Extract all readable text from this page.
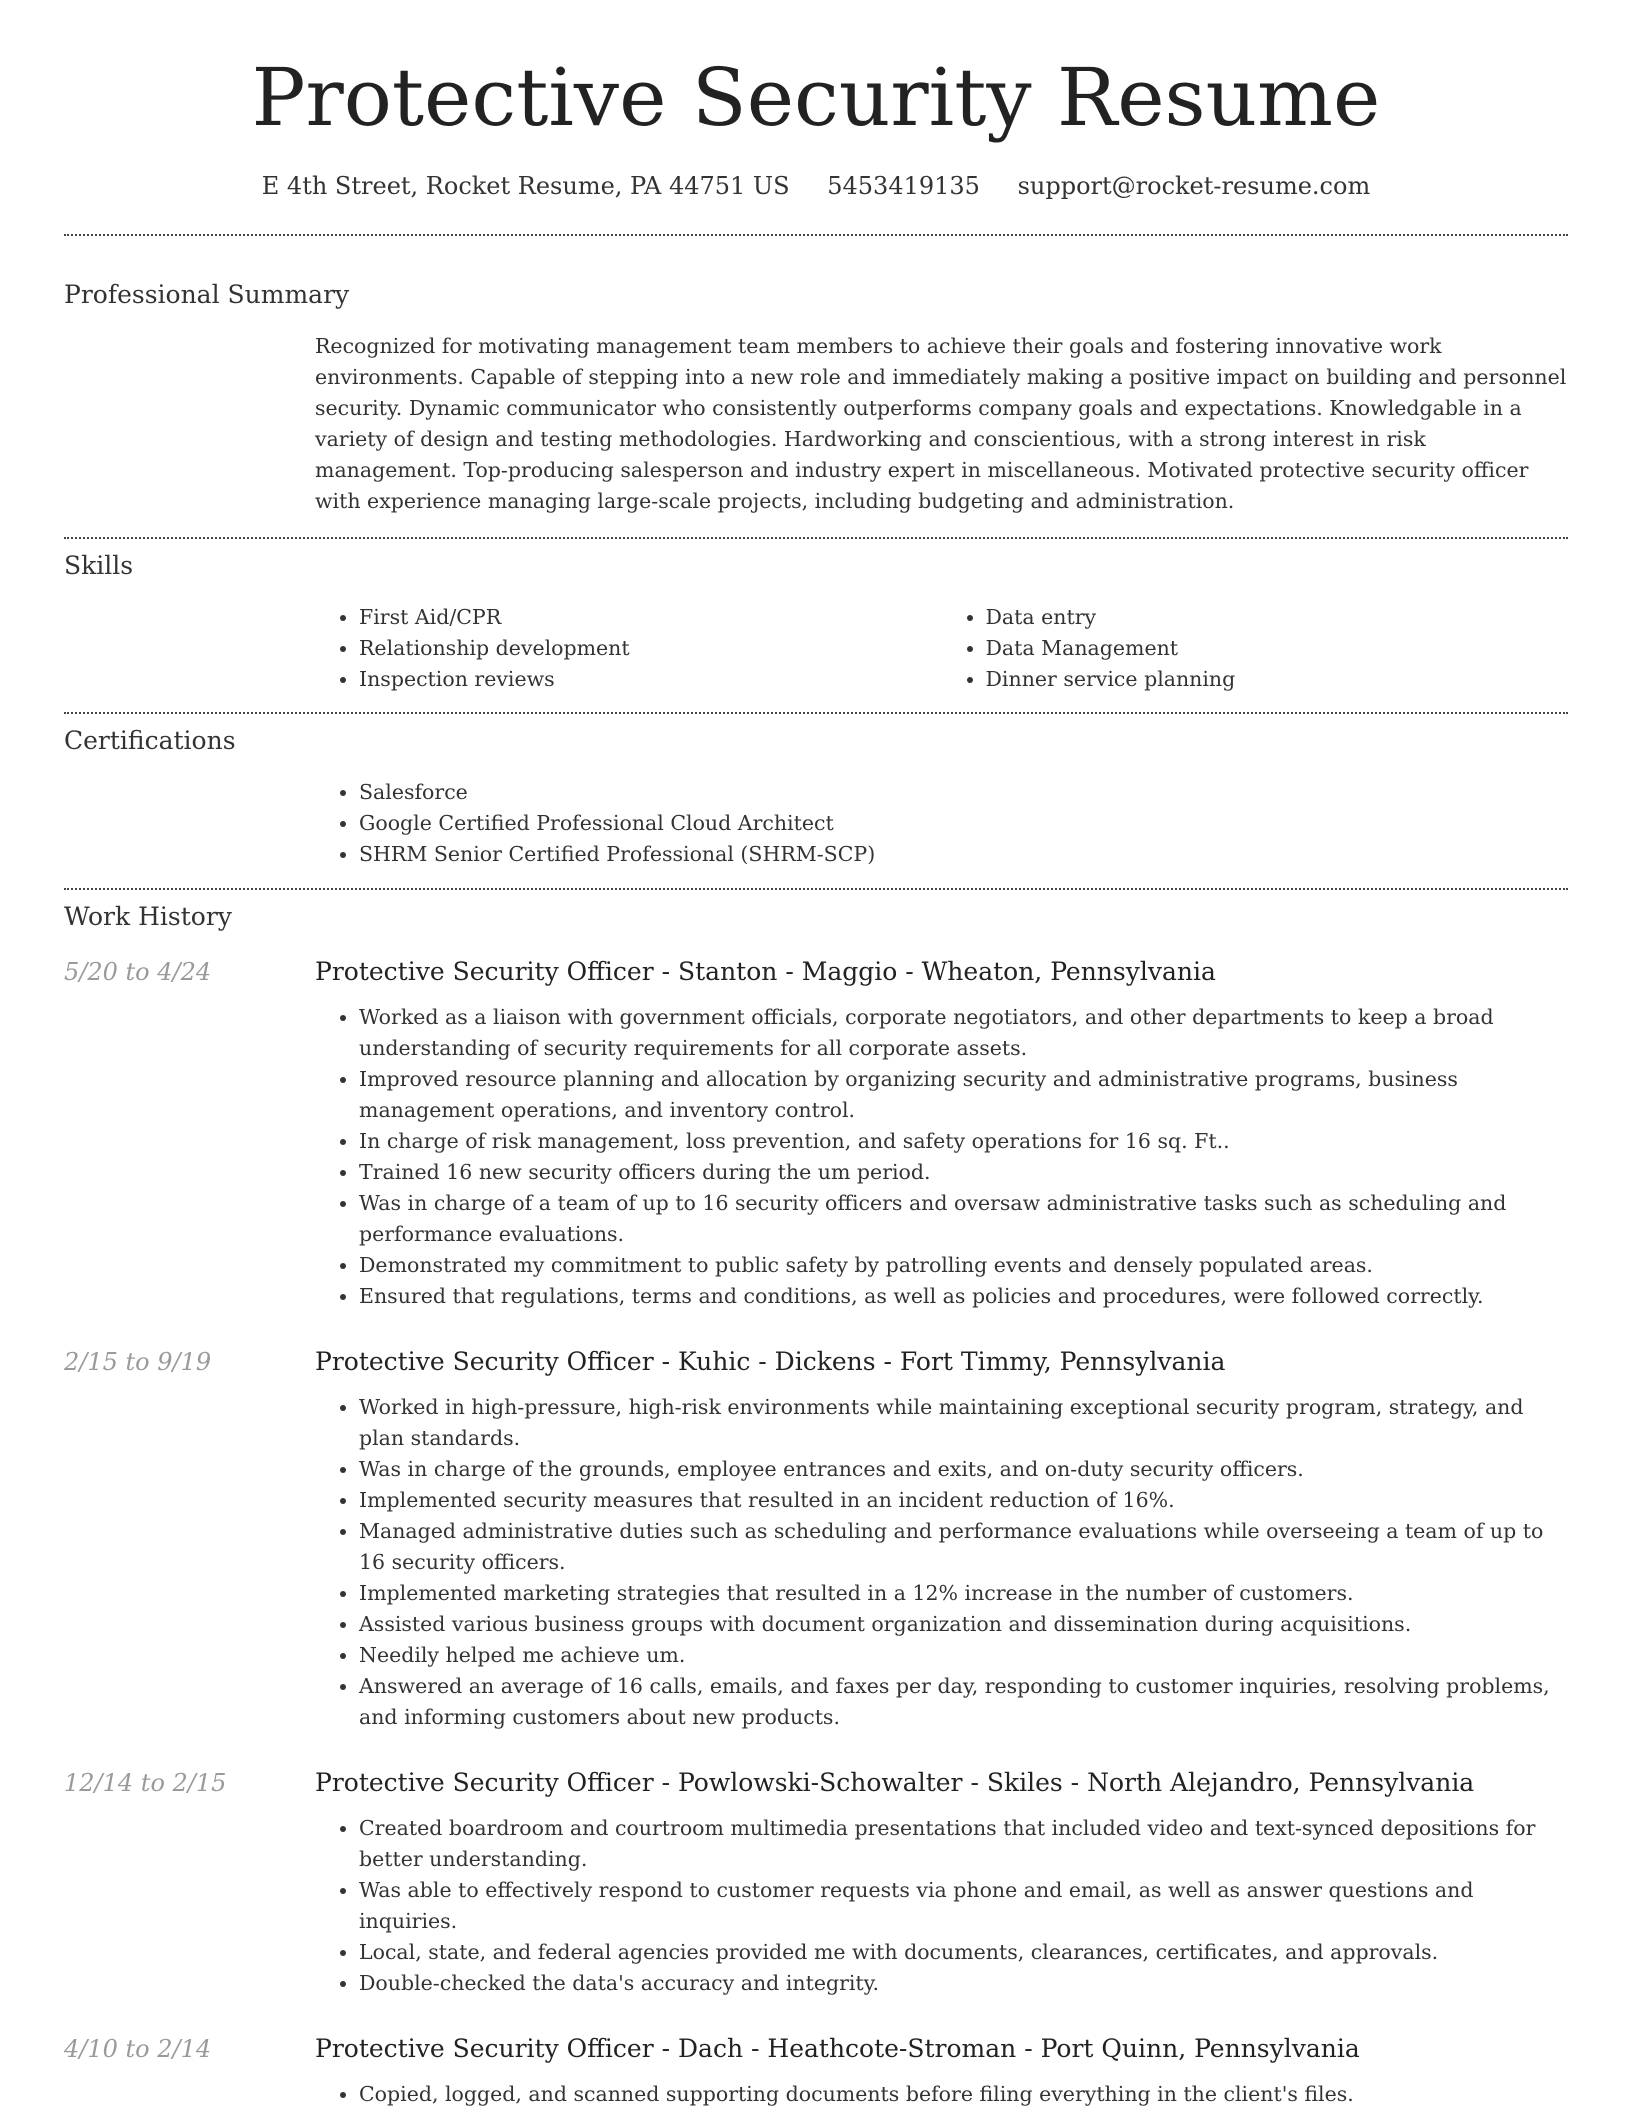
Protective Security Resume
E 4th Street, Rocket Resume, PA 44751 US 5453419135 support@rocket-resume.com
Professional Summary

Recognized for motivating management team members to achieve their goals and fostering innovative work environments. Capable of stepping into a new role and immediately making a positive impact on building and personnel security. Dynamic communicator who consistently outperforms company goals and expectations. Knowledgable in a variety of design and testing methodologies. Hardworking and conscientious, with a strong interest in risk management. Top-producing salesperson and industry expert in miscellaneous. Motivated protective security officer with experience managing large-scale projects, including budgeting and administration.

Skills
• First Aid/CPR
• Relationship development
• Inspection reviews
• Data entry
• Data Management
• Dinner service planning
Certifications
• Salesforce
• Google Certified Professional Cloud Architect
• SHRM Senior Certified Professional (SHRM-SCP)
Work History
5/20 to 4/24	Protective Security Officer - Stanton - Maggio - Wheaton, Pennsylvania
• Worked as a liaison with government officials, corporate negotiators, and other departments to keep a broad understanding of security requirements for all corporate assets.
• Improved resource planning and allocation by organizing security and administrative programs, business management operations, and inventory control.
• In charge of risk management, loss prevention, and safety operations for 16 sq. Ft..
• Trained 16 new security officers during the um period.
• Was in charge of a team of up to 16 security officers and oversaw administrative tasks such as scheduling and performance evaluations.
• Demonstrated my commitment to public safety by patrolling events and densely populated areas.
• Ensured that regulations, terms and conditions, as well as policies and procedures, were followed correctly.
2/15 to 9/19	Protective Security Officer - Kuhic - Dickens - Fort Timmy, Pennsylvania
• Worked in high-pressure, high-risk environments while maintaining exceptional security program, strategy, and plan standards.
• Was in charge of the grounds, employee entrances and exits, and on-duty security officers.
• Implemented security measures that resulted in an incident reduction of 16%.
• Managed administrative duties such as scheduling and performance evaluations while overseeing a team of up to 16 security officers.
• Implemented marketing strategies that resulted in a 12% increase in the number of customers.
• Assisted various business groups with document organization and dissemination during acquisitions.
• Needily helped me achieve um.
• Answered an average of 16 calls, emails, and faxes per day, responding to customer inquiries, resolving problems, and informing customers about new products.
12/14 to 2/15	Protective Security Officer - Powlowski-Schowalter - Skiles - North Alejandro, Pennsylvania
• Created boardroom and courtroom multimedia presentations that included video and text-synced depositions for better understanding.
• Was able to effectively respond to customer requests via phone and email, as well as answer questions and inquiries.
• Local, state, and federal agencies provided me with documents, clearances, certificates, and approvals.
• Double-checked the data's accuracy and integrity.
4/10 to 2/14	Protective Security Officer - Dach - Heathcote-Stroman - Port Quinn, Pennsylvania
• Copied, logged, and scanned supporting documents before filing everything in the client's files.
